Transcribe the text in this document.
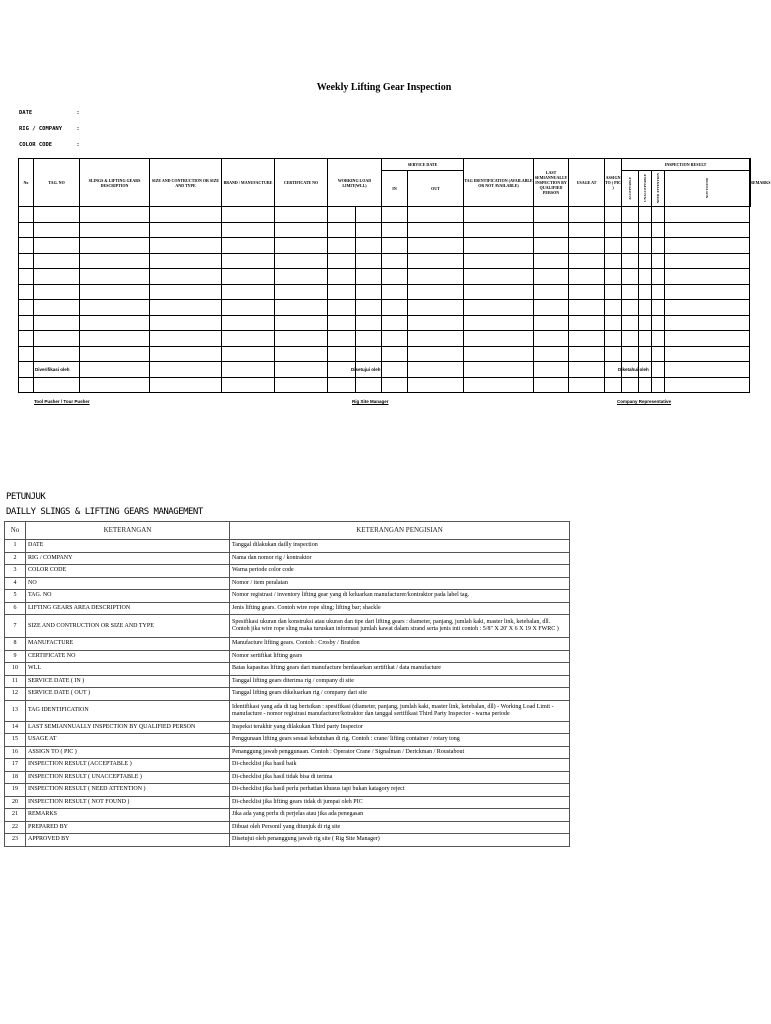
Weekly Lifting Gear Inspection
DATE	:
RIG / COMPANY :
COLOR CODE	:
No	TAG. NO	SLINGS & LIFTING GEARS DESCRIPTION	SIZE AND CONTRUCTION OR SIZE AND TYPE	BRAND / MANUFACTURE	CERTIFICATE NO	WORKING LOAD LIMIT(WLL)		SERVICE DATE		TAG IDENTIFICATION (AVAILABLE OR NOT AVAILABLE)	LAST SEMIANNUALLY INSPECTION BY QUALIFIED PERSON	USAGE AT	ASSIGN TO ( PIC )	INSPECTION RESULT				REMARKS
								IN	OUT					ACCEPTABLE	UNACCEPTABLE	NEED ATTENTION	NOT FOUND	

Diverifikasi oleh	Disetujui oleh	Diketahui oleh
Tool Pusher / Tour Pusher	Rig Site Manager	Company Representative
PETUNJUK
DAILLY SLINGS & LIFTING GEARS MANAGEMENT
No	KETERANGAN	KETERANGAN PENGISIAN
1	DATE	Tanggal dilakukan dailly inspection
2	RIG / COMPANY	Nama dan nomor rig / kontraktor
3	COLOR CODE	Warna periode color code
4	NO	Nomor / item peralatan
5	TAG. NO	Nomor registrasi / inventory lifting gear yang di keluarkan manufacturer/kontraktor pada label tag.
6	LIFTING GEARS AREA DESCRIPTION	Jenis lifting gears. Contoh wire rope sling; lifting bar; shackle
7	SIZE AND CONTRUCTION OR SIZE AND TYPE	Spesifikasi ukuran dan konstruksi atau ukuran dan tipe dari lifting gears : diameter, panjang, jumlah kaki, master link, ketebalan, dll. Contoh jika wire rope sling maka turuskan informasi jumlah kawat dalam strand serta jenis inti contoh : 5/8" X 20' X 6 X 19 X FWRC )
8	MANUFACTURE	Manufacture lifting gears. Contoh : Crosby / Braidon
9	CERTIFICATE NO	Nomor sertifikat lifting gears
10	WLL	Batas kapasitas lifting gears dari manufacture berdasarkan sertifikat / data manufacture
11	SERVICE DATE ( IN )	Tanggal lifting gears diterima rig / company di site
12	SERVICE DATE ( OUT )	Tanggal lifting gears dikeluarkan rig / company dari site
13	TAG IDENTIFICATION	Identifikasi yang ada di tag berisikan : spesifikasi (diameter, panjang, jumlah kaki, master link, ketebalan, dll) - Working Load Limit - manufacture - nomor registrasi manufacturer/kotraktor dan tanggal sertifikasi Third Party Inspector - warna periode
14	LAST SEMIANNUALLY INSPECTION BY QUALIFIED PERSON	Inspeksi terakhir yang dilakukan Third party Inspector
15	USAGE AT	Penggunaan lifting gears sesuai kebutuhan di rig. Contoh : crane/ lifting container / rotary tong
16	ASSIGN TO ( PIC )	Penanggung jawab penggunaan. Contoh : Operator Crane / Signalman / Derickman / Roustabout
17	INSPECTION RESULT (ACCEPTABLE )	Di-checklist jika hasil baik
18	INSPECTION RESULT ( UNACCEPTABLE )	Di-checklist jika hasil tidak bisa di terima
19	INSPECTION RESULT ( NEED ATTENTION )	Di-checklist jika hasil perlu perhatian khusus tapi bukan katagory reject
20	INSPECTION RESULT ( NOT FOUND )	Di-checklist jika lifting gears tidak di jumpai oleh PIC
21	REMARKS	Jika ada yang perlu di perjelas atau jika ada penegasan
22	PREPARED BY	Dibuat oleh Personil yang ditunjuk di rig site
23	APPROVED BY	Disetujui oleh penanggung jawab rig site ( Rig Site Manager)
